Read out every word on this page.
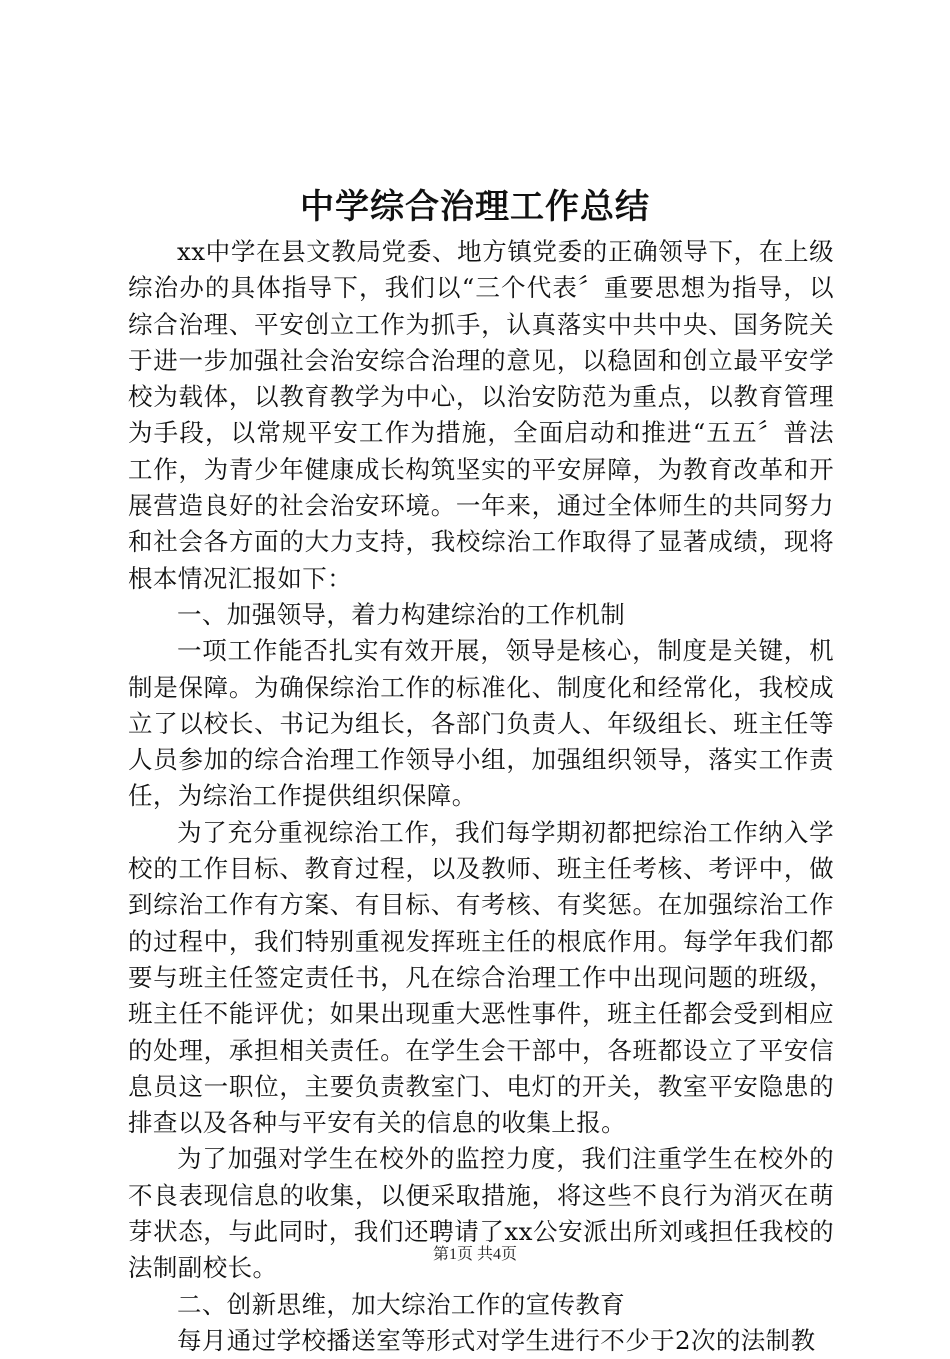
中学综合治理工作总结

xx中学在县文教局党委、地方镇党委的正确领导下，在上级综治办的具体指导下，我们以“三个代表〞重要思想为指导，以综合治理、平安创立工作为抓手，认真落实中共中央、国务院关于进一步加强社会治安综合治理的意见，以稳固和创立最平安学校为载体，以教育教学为中心，以治安防范为重点，以教育管理为手段，以常规平安工作为措施，全面启动和推进“五五〞普法工作，为青少年健康成长构筑坚实的平安屏障，为教育改革和开展营造良好的社会治安环境。一年来，通过全体师生的共同努力和社会各方面的大力支持，我校综治工作取得了显著成绩，现将根本情况汇报如下：

一、加强领导，着力构建综治的工作机制

一项工作能否扎实有效开展，领导是核心，制度是关键，机制是保障。为确保综治工作的标准化、制度化和经常化，我校成立了以校长、书记为组长，各部门负责人、年级组长、班主任等人员参加的综合治理工作领导小组，加强组织领导，落实工作责任，为综治工作提供组织保障。

为了充分重视综治工作，我们每学期初都把综治工作纳入学校的工作目标、教育过程，以及教师、班主任考核、考评中，做到综治工作有方案、有目标、有考核、有奖惩。在加强综治工作的过程中，我们特别重视发挥班主任的根底作用。每学年我们都要与班主任签定责任书，凡在综合治理工作中出现问题的班级，班主任不能评优；如果出现重大恶性事件，班主任都会受到相应的处理，承担相关责任。在学生会干部中，各班都设立了平安信息员这一职位，主要负责教室门、电灯的开关，教室平安隐患的排查以及各种与平安有关的信息的收集上报。

为了加强对学生在校外的监控力度，我们注重学生在校外的不良表现信息的收集，以便采取措施，将这些不良行为消灭在萌芽状态，与此同时，我们还聘请了xx公安派出所刘彧担任我校的法制副校长。

二、创新思维，加大综治工作的宣传教育

每月通过学校播送室等形式对学生进行不少于2次的法制教

第1页 共4页
